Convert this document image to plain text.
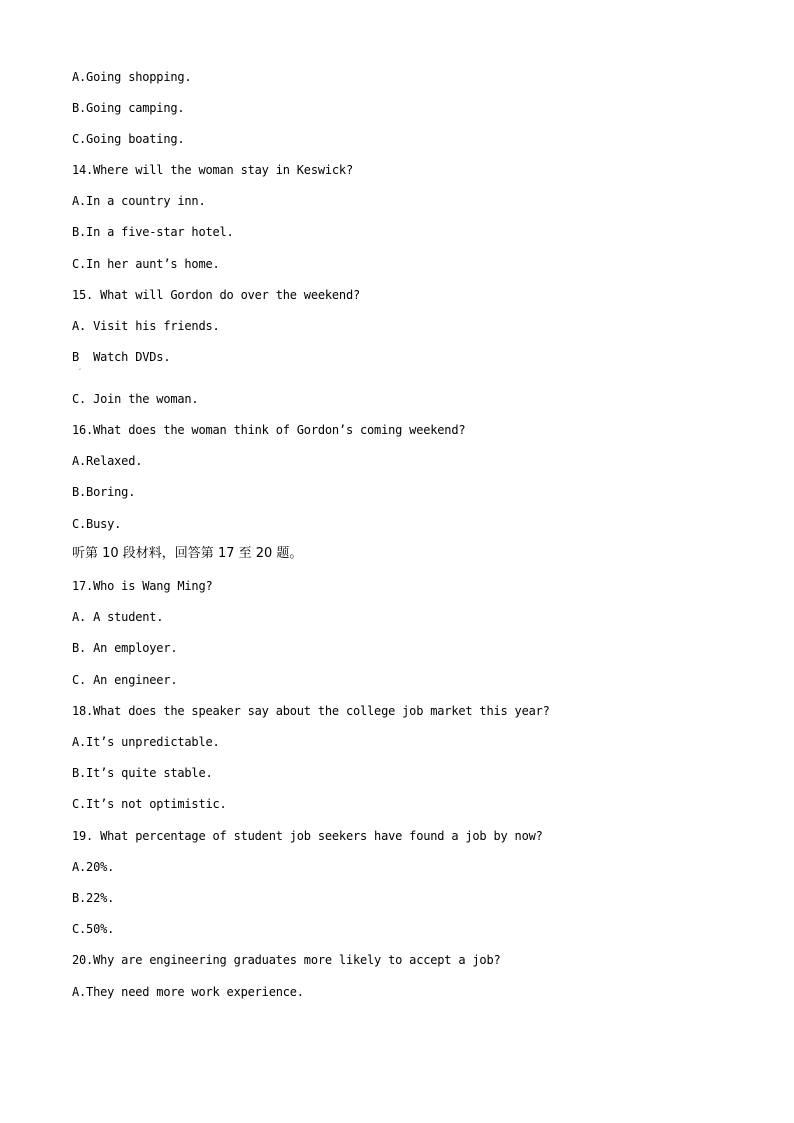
A.Going shopping.
B.Going camping.
C.Going boating.
14.Where will the woman stay in Keswick?
A.In a country inn.
B.In a five-star hotel.
C.In her aunt’s home.
15. What will Gordon do over the weekend?
A. Visit his friends.
B  Watch DVDs.
’
C. Join the woman.
16.What does the woman think of Gordon’s coming weekend?
A.Relaxed.
B.Boring.
C.Busy.
听第 10 段材料，回答第 17 至 20 题。
17.Who is Wang Ming?
A. A student.
B. An employer.
C. An engineer.
18.What does the speaker say about the college job market this year?
A.It’s unpredictable.
B.It’s quite stable.
C.It’s not optimistic.
19. What percentage of student job seekers have found a job by now?
A.20%.
B.22%.
C.50%.
20.Why are engineering graduates more likely to accept a job?
A.They need more work experience.
